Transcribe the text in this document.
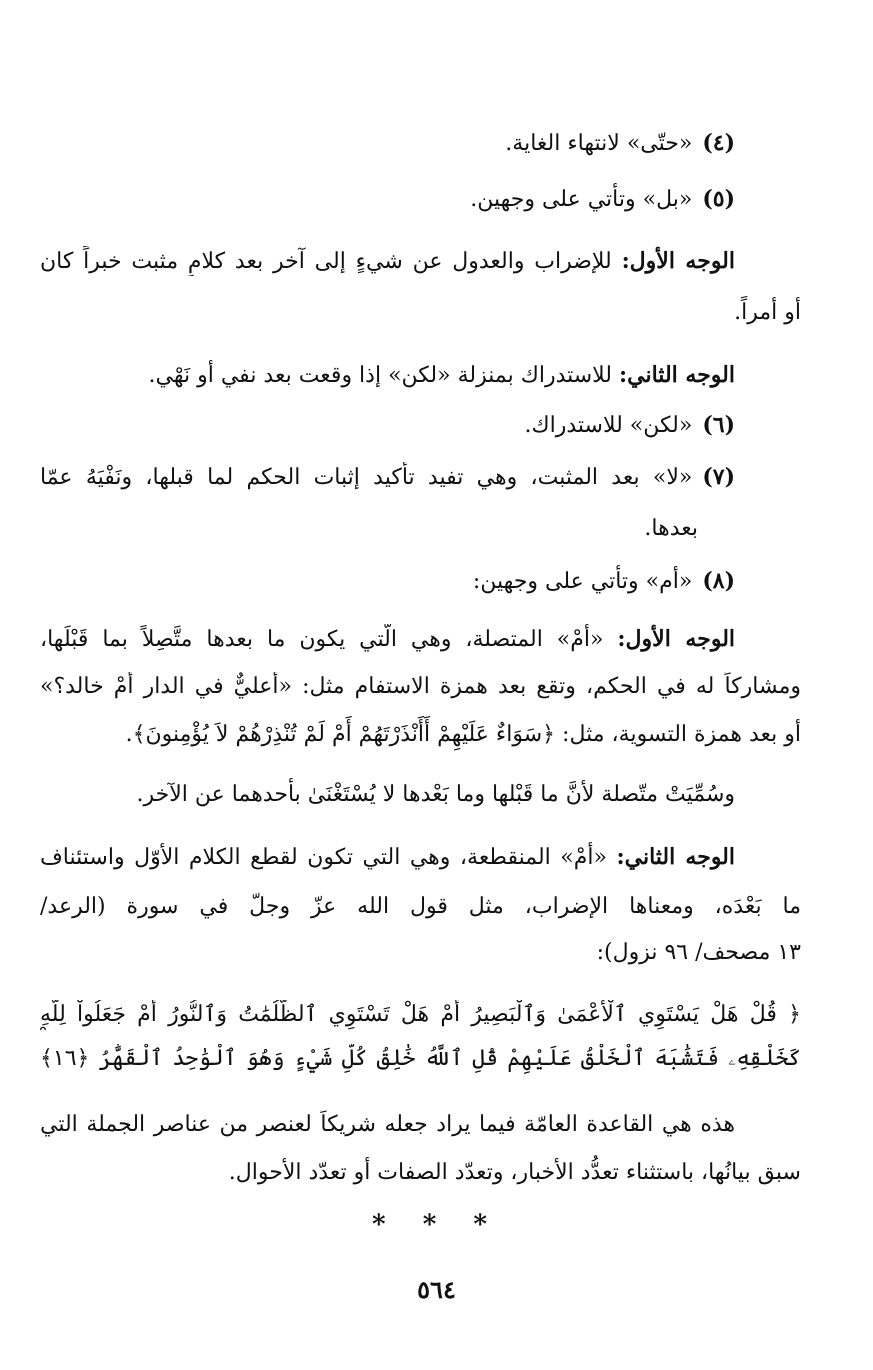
(٤)«حتّى» لانتهاء الغاية.
(٥)«بل» وتأتي على وجهين.
الوجه الأول: للإضراب والعدول عن شيءٍ إلى آخر بعد كلامٍ مثبت خبراً كان
أو أمراً.
الوجه الثاني: للاستدراك بمنزلة «لكن» إذا وقعت بعد نفي أو نَهْي.
(٦)«لكن» للاستدراك.
(٧)«لا» بعد المثبت، وهي تفيد تأكيد إثبات الحكم لما قبلها، ونَفْيَهُ عمّا
بعدها.
(٨)«أم» وتأتي على وجهين:
الوجه الأول: «أَمْ» المتصلة، وهي الّتي يكون ما بعدها متَّصِلاً بما قَبْلَها،
ومشاركاً له في الحكم، وتقع بعد همزة الاستفام مثل: «أعليٌّ في الدار أمْ خالد؟»
أو بعد همزة التسوية، مثل: ﴿سَوَاءٌ عَلَيْهِمْ أَأَنْذَرْتَهُمْ أَمْ لَمْ تُنْذِرْهُمْ لاَ يُؤْمِنونَ﴾.
وسُمِّيَتْ متّصلة لأنَّ ما قَبْلها وما بَعْدها لا يُسْتَغْنَىٰ بأحدهما عن الآخر.
الوجه الثاني: «أَمْ» المنقطعة، وهي التي تكون لقطع الكلام الأوّل واستئناف
ما بَعْدَه، ومعناها الإضراب، مثل قول الله عزّ وجلّ في سورة (الرعد/
١٣ مصحف/ ٩٦ نزول):
﴿ قُلْ هَلْ يَسْتَوِي ٱلْأَعْمَىٰ وَٱلْبَصِيرُ أَمْ هَلْ تَسْتَوِي ٱلظُّلُمَٰتُ وَٱلنُّورُ أَمْ جَعَلُواْ لِلَّهِ
كَخَلْقِهِۦ فَتَشَٰبَهَ ٱلْخَلْقُ عَلَيْهِمْ قُلِ ٱللَّهُ خَٰلِقُ كُلِّ شَيْءٍ وَهُوَ ٱلْوَٰحِدُ ٱلْقَهَّٰرُ ﴿١٦﴾
هذه هي القاعدة العامّة فيما يراد جعله شريكاً لعنصر من عناصر الجملة التي
سبق بيانُها، باستثناء تعدُّد الأخبار، وتعدّد الصفات أو تعدّد الأحوال.
* * *
٥٦٤
